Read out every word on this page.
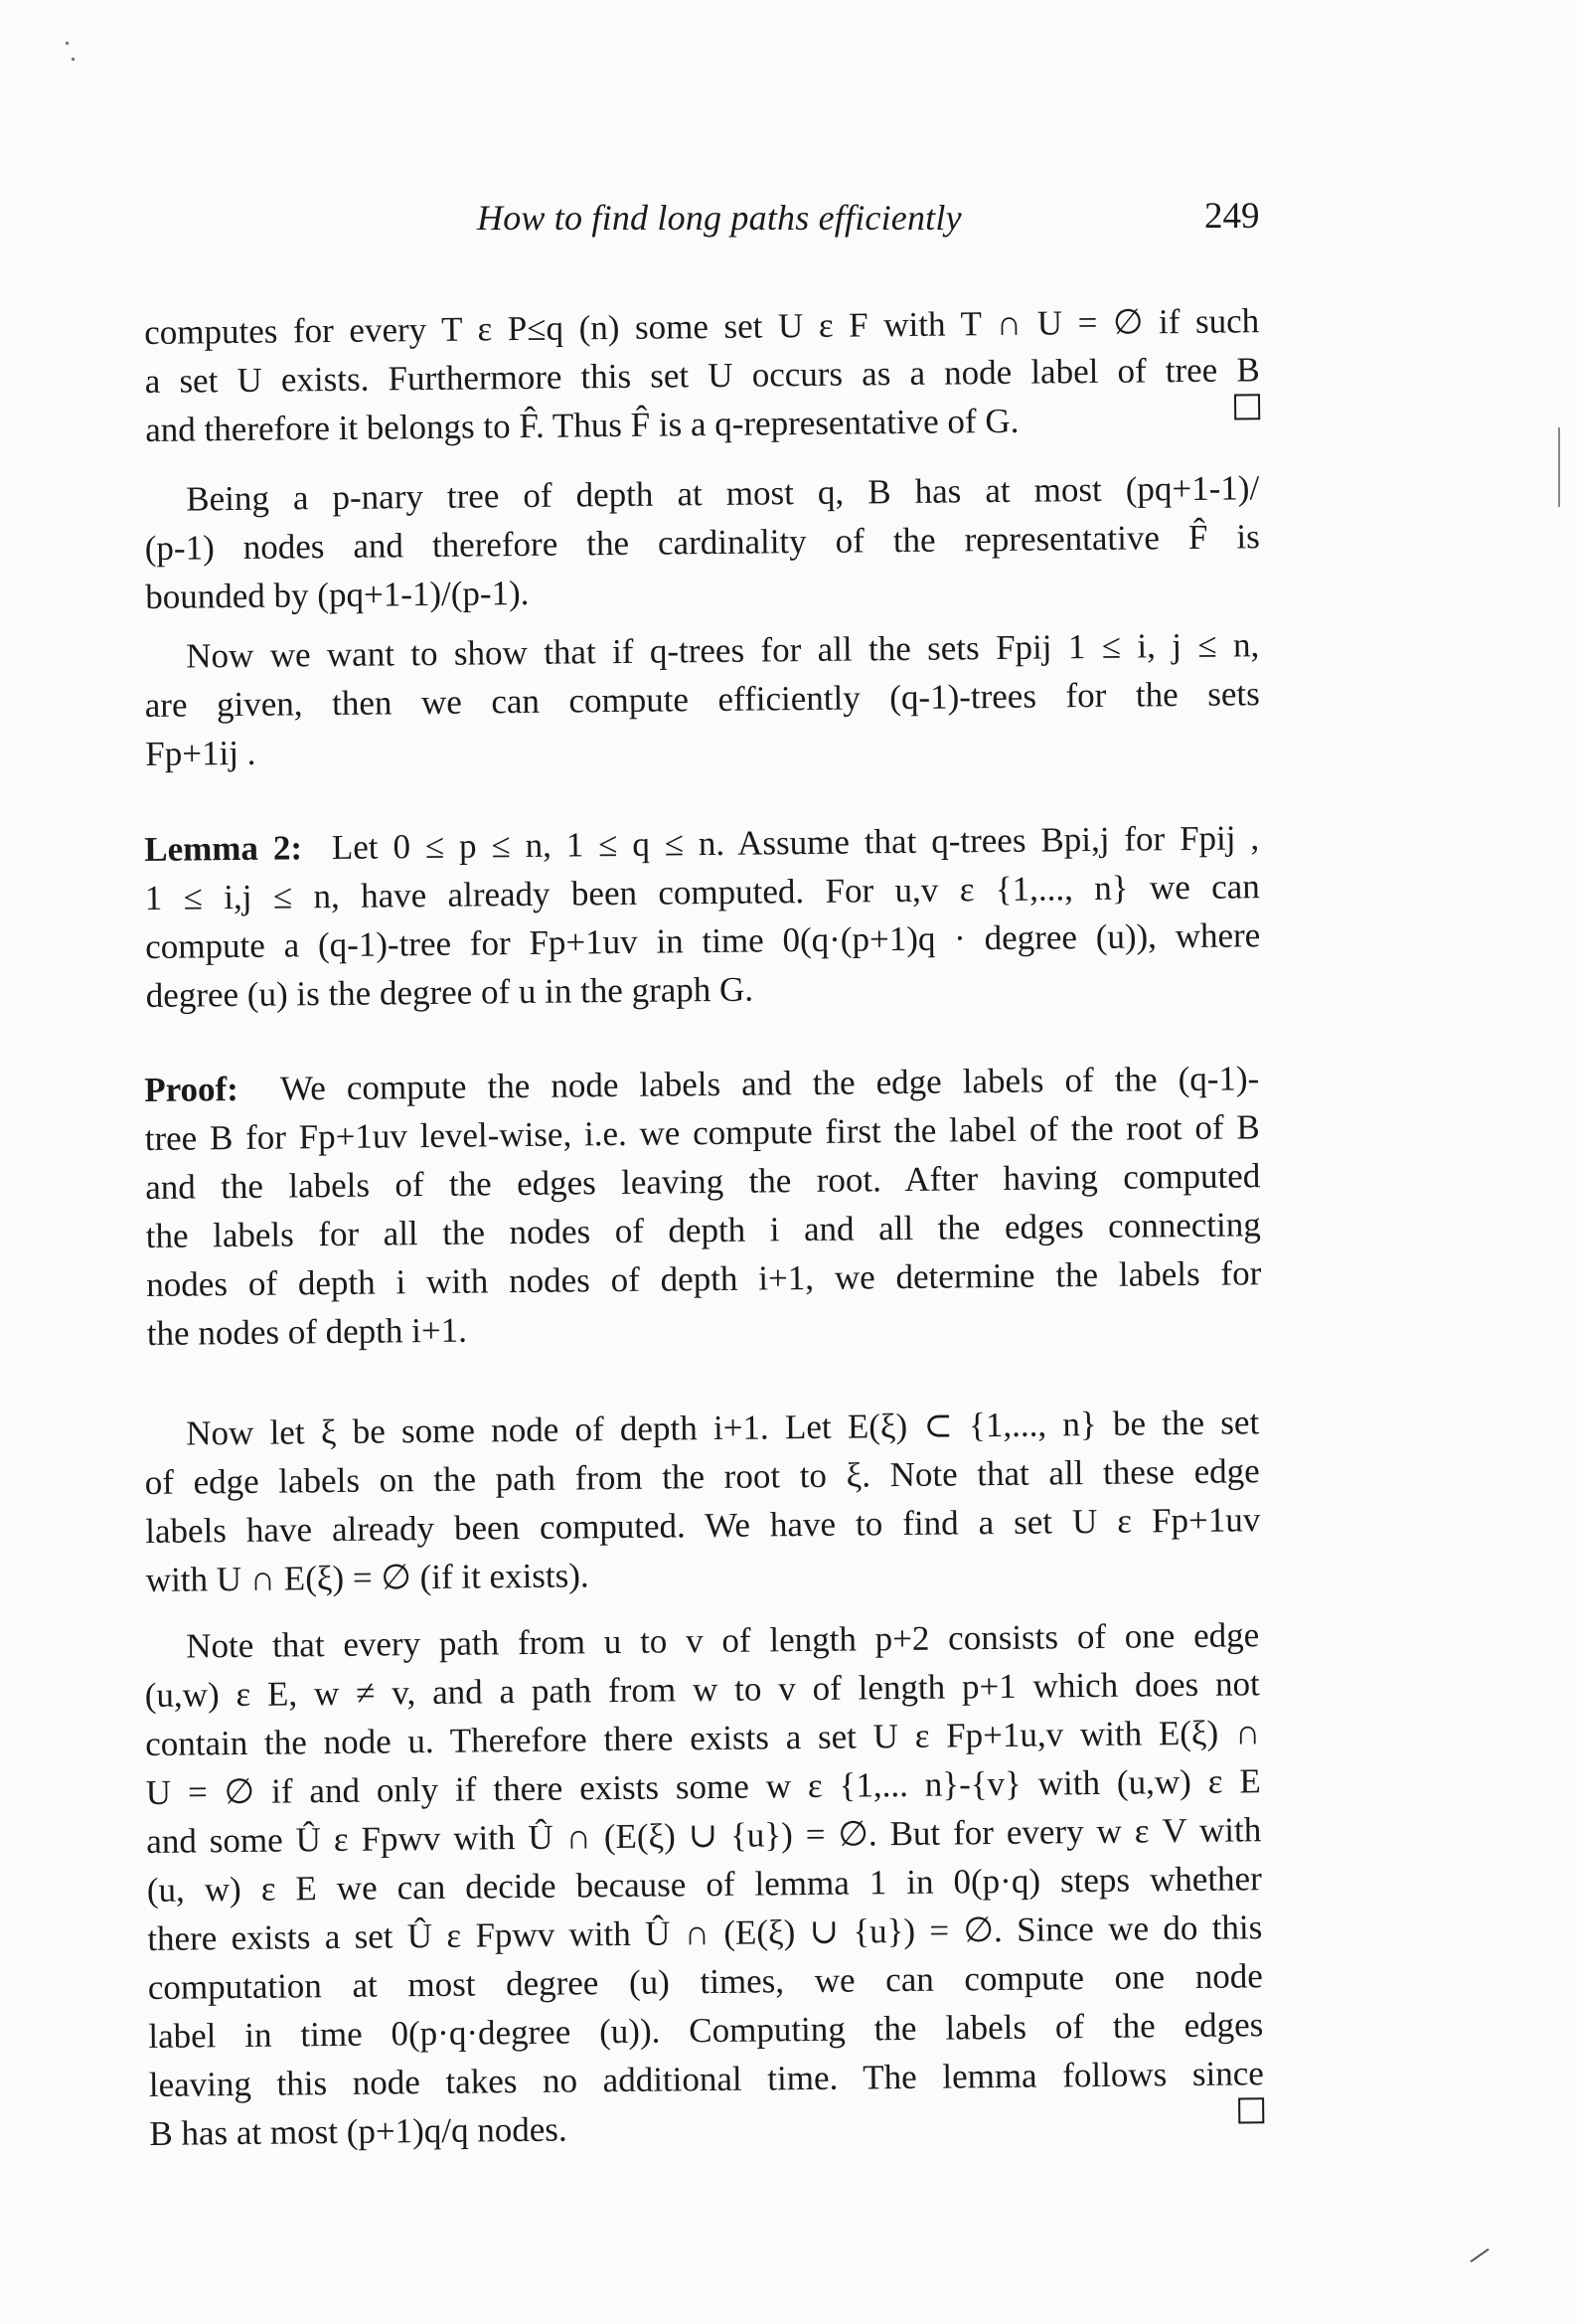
How to find long paths efficiently	249
computes for every T ε P≤q (n) some set U ε F with T ∩ U = ∅ if such
a set U exists. Furthermore this set U occurs as a node label of tree B
and therefore it belongs to F̂. Thus F̂ is a q-representative of G.
Being a p-nary tree of depth at most q, B has at most (pq+1-1)/
(p-1) nodes and therefore the cardinality of the representative F̂ is
bounded by (pq+1-1)/(p-1).
Now we want to show that if q-trees for all the sets Fpij 1 ≤ i, j ≤ n,
are given, then we can compute efficiently (q-1)-trees for the sets
Fp+1ij .
Lemma 2: Let 0 ≤ p ≤ n, 1 ≤ q ≤ n. Assume that q-trees Bpi,j for Fpij ,
1 ≤ i,j ≤ n, have already been computed. For u,v ε {1,..., n} we can
compute a (q-1)-tree for Fp+1uv in time 0(q·(p+1)q · degree (u)), where
degree (u) is the degree of u in the graph G.
Proof: We compute the node labels and the edge labels of the (q-1)-
tree B for Fp+1uv level-wise, i.e. we compute first the label of the root of B
and the labels of the edges leaving the root. After having computed
the labels for all the nodes of depth i and all the edges connecting
nodes of depth i with nodes of depth i+1, we determine the labels for
the nodes of depth i+1.
Now let ξ be some node of depth i+1. Let E(ξ) ⊂ {1,..., n} be the set
of edge labels on the path from the root to ξ. Note that all these edge
labels have already been computed. We have to find a set U ε Fp+1uv
with U ∩ E(ξ) = ∅ (if it exists).
Note that every path from u to v of length p+2 consists of one edge
(u,w) ε E, w ≠ v, and a path from w to v of length p+1 which does not
contain the node u. Therefore there exists a set U ε Fp+1u,v with E(ξ) ∩
U = ∅ if and only if there exists some w ε {1,... n}-{v} with (u,w) ε E
and some Û ε Fpwv with Û ∩ (E(ξ) ∪ {u}) = ∅. But for every w ε V with
(u, w) ε E we can decide because of lemma 1 in 0(p·q) steps whether
there exists a set Û ε Fpwv with Û ∩ (E(ξ) ∪ {u}) = ∅. Since we do this
computation at most degree (u) times, we can compute one node
label in time 0(p·q·degree (u)). Computing the labels of the edges
leaving this node takes no additional time. The lemma follows since
B has at most (p+1)q/q nodes.
